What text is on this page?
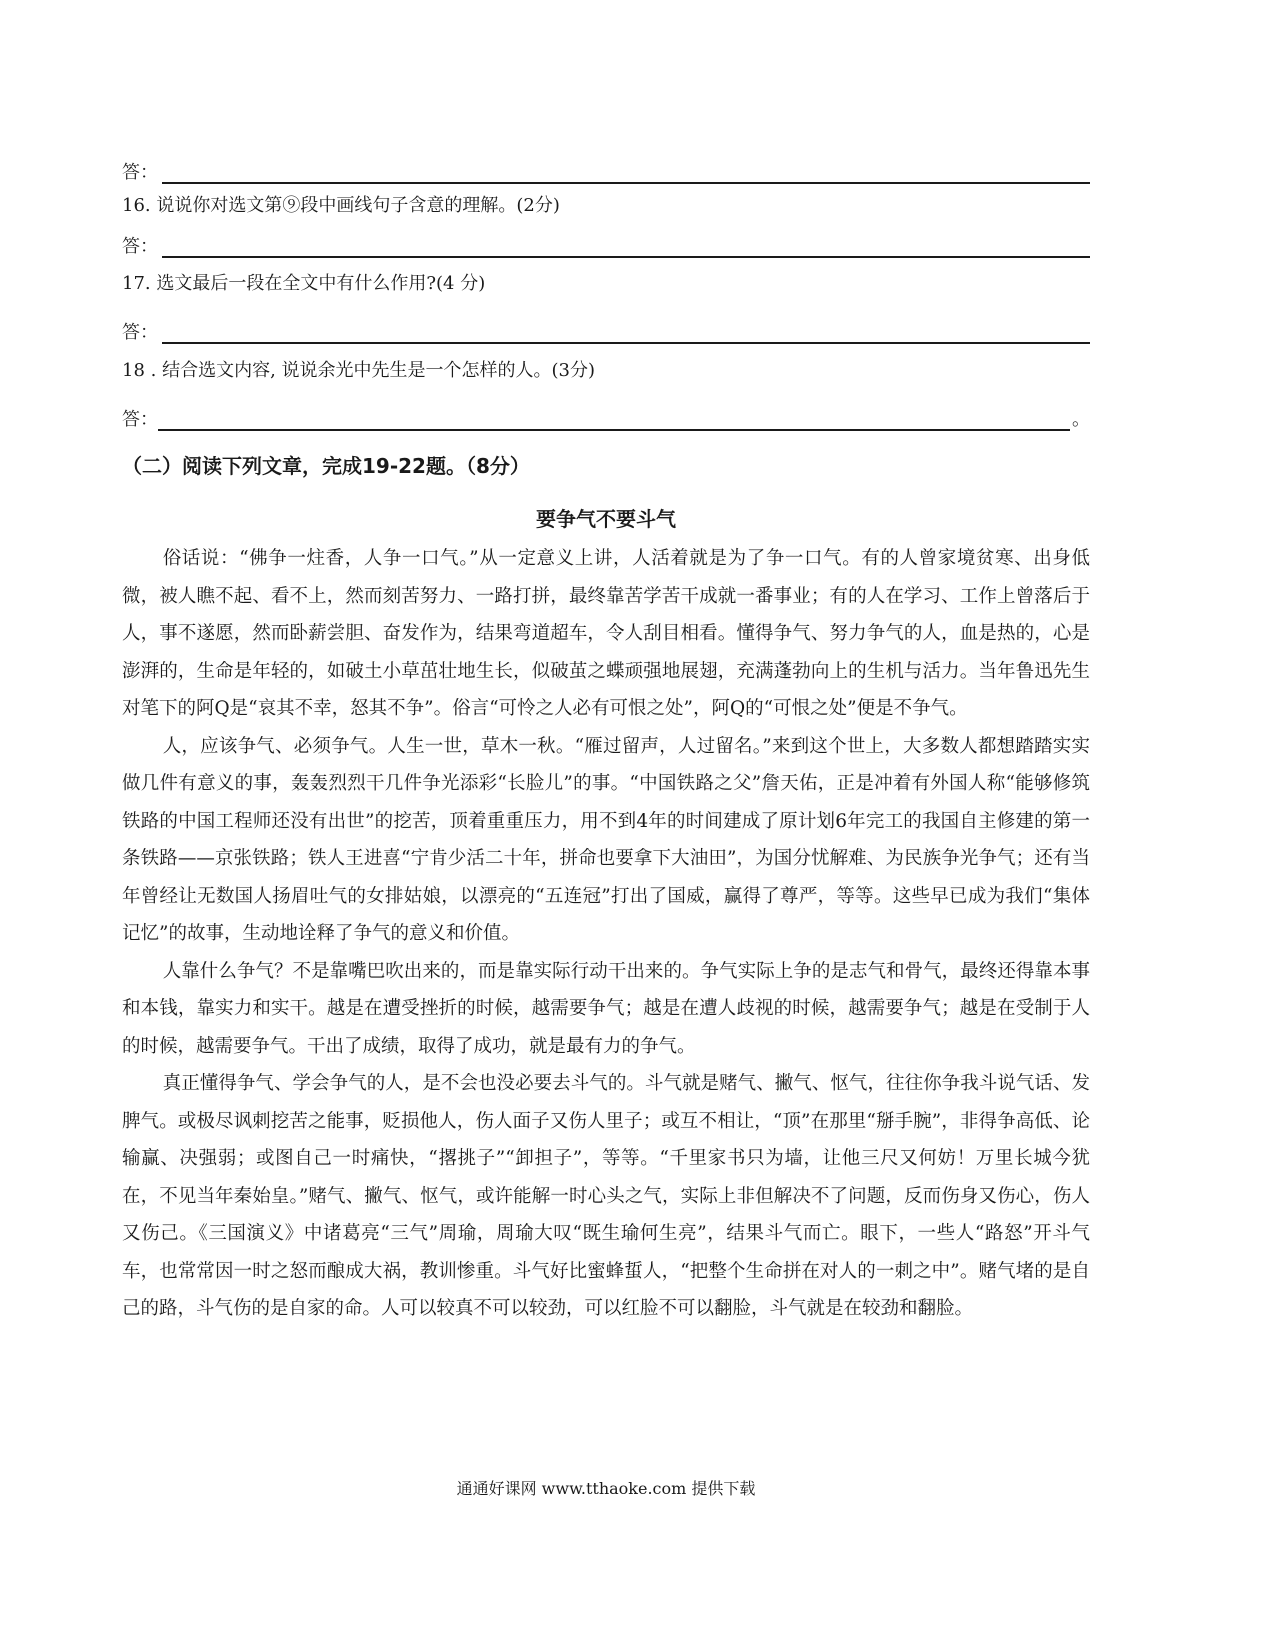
答：
16. 说说你对选文第⑨段中画线句子含意的理解。(2分)
答：
17. 选文最后一段在全文中有什么作用?(4 分)
答：
18 . 结合选文内容, 说说余光中先生是一个怎样的人。(3分)
答：	。
（二）阅读下列文章，完成19-22题。（8分）
要争气不要斗气

俗话说：“佛争一炷香，人争一口气。”从一定意义上讲，人活着就是为了争一口气。有的人曾家境贫寒、出身低微，被人瞧不起、看不上，然而刻苦努力、一路打拼，最终靠苦学苦干成就一番事业；有的人在学习、工作上曾落后于人，事不遂愿，然而卧薪尝胆、奋发作为，结果弯道超车，令人刮目相看。懂得争气、努力争气的人，血是热的，心是澎湃的，生命是年轻的，如破土小草茁壮地生长，似破茧之蝶顽强地展翅，充满蓬勃向上的生机与活力。当年鲁迅先生对笔下的阿Q是“哀其不幸，怒其不争”。俗言“可怜之人必有可恨之处”，阿Q的“可恨之处”便是不争气。

人，应该争气、必须争气。人生一世，草木一秋。“雁过留声，人过留名。”来到这个世上，大多数人都想踏踏实实做几件有意义的事，轰轰烈烈干几件争光添彩“长脸儿”的事。“中国铁路之父”詹天佑，正是冲着有外国人称“能够修筑铁路的中国工程师还没有出世”的挖苦，顶着重重压力，用不到4年的时间建成了原计划6年完工的我国自主修建的第一条铁路——京张铁路；铁人王进喜“宁肯少活二十年，拼命也要拿下大油田”，为国分忧解难、为民族争光争气；还有当年曾经让无数国人扬眉吐气的女排姑娘，以漂亮的“五连冠”打出了国威，赢得了尊严，等等。这些早已成为我们“集体记忆”的故事，生动地诠释了争气的意义和价值。

人靠什么争气？不是靠嘴巴吹出来的，而是靠实际行动干出来的。争气实际上争的是志气和骨气，最终还得靠本事和本钱，靠实力和实干。越是在遭受挫折的时候，越需要争气；越是在遭人歧视的时候，越需要争气；越是在受制于人的时候，越需要争气。干出了成绩，取得了成功，就是最有力的争气。

真正懂得争气、学会争气的人，是不会也没必要去斗气的。斗气就是赌气、撇气、怄气，往往你争我斗说气话、发脾气。或极尽讽刺挖苦之能事，贬损他人，伤人面子又伤人里子；或互不相让，“顶”在那里“掰手腕”，非得争高低、论输赢、决强弱；或图自己一时痛快，“撂挑子”“卸担子”，等等。“千里家书只为墙，让他三尺又何妨！万里长城今犹在，不见当年秦始皇。”赌气、撇气、怄气，或许能解一时心头之气，实际上非但解决不了问题，反而伤身又伤心，伤人又伤己。《三国演义》中诸葛亮“三气”周瑜，周瑜大叹“既生瑜何生亮”，结果斗气而亡。眼下，一些人“路怒”开斗气车，也常常因一时之怒而酿成大祸，教训惨重。斗气好比蜜蜂蜇人，“把整个生命拼在对人的一刺之中”。赌气堵的是自己的路，斗气伤的是自家的命。人可以较真不可以较劲，可以红脸不可以翻脸，斗气就是在较劲和翻脸。

通通好课网 www.tthaoke.com 提供下载
